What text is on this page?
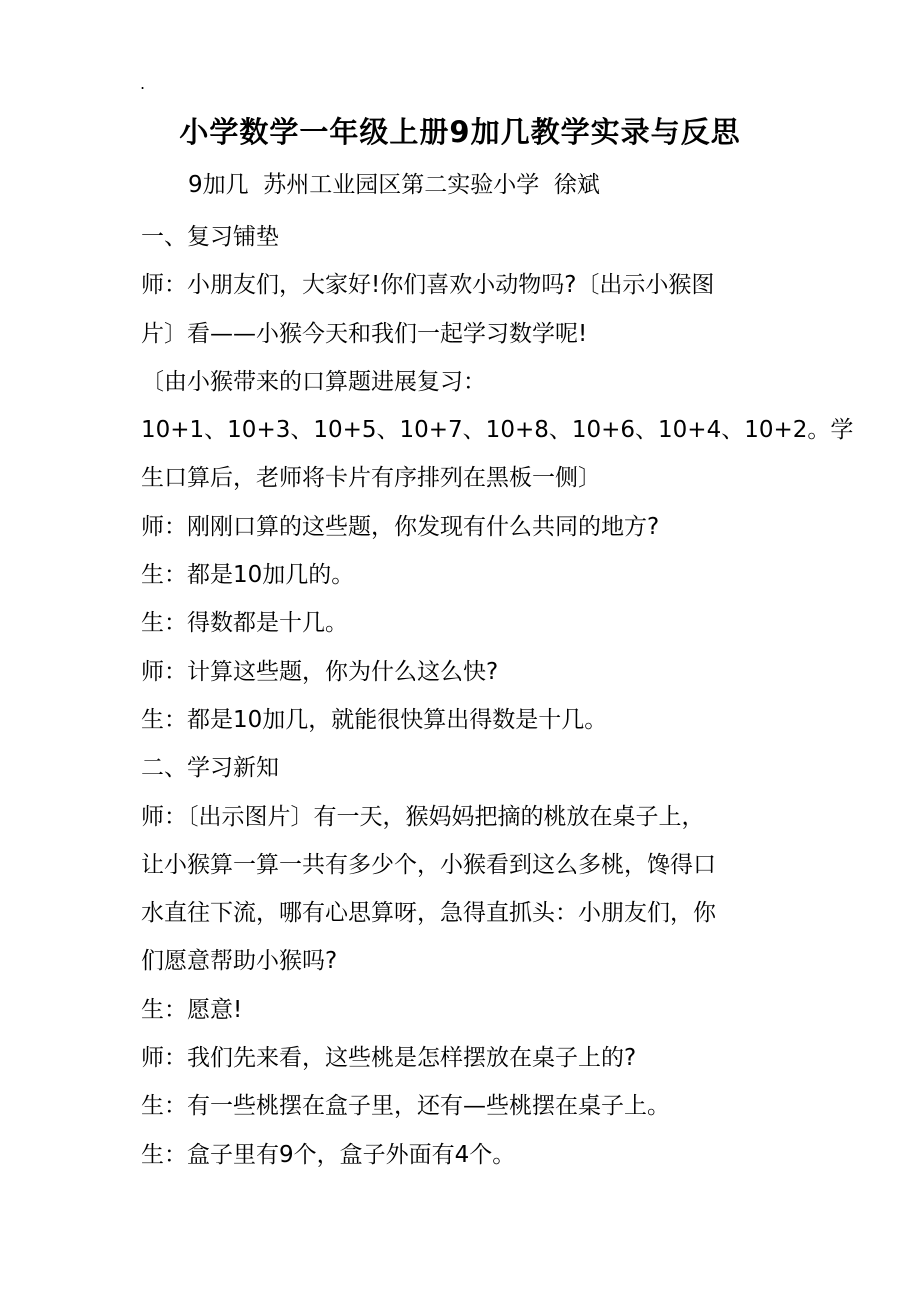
.
小学数学一年级上册9加几教学实录与反思
9加几  苏州工业园区第二实验小学  徐斌
一、复习铺垫
师：小朋友们，大家好!你们喜欢小动物吗?〔出示小猴图
片〕看——小猴今天和我们一起学习数学呢!
〔由小猴带来的口算题进展复习：
10+1、10+3、10+5、10+7、10+8、10+6、10+4、10+2。学
生口算后，老师将卡片有序排列在黑板一侧〕
师：刚刚口算的这些题，你发现有什么共同的地方?
生：都是10加几的。
生：得数都是十几。
师：计算这些题，你为什么这么快?
生：都是10加几，就能很快算出得数是十几。
二、学习新知
师：〔出示图片〕有一天，猴妈妈把摘的桃放在桌子上，
让小猴算一算一共有多少个，小猴看到这么多桃，馋得口
水直往下流，哪有心思算呀，急得直抓头：小朋友们，你
们愿意帮助小猴吗?
生：愿意!
师：我们先来看，这些桃是怎样摆放在桌子上的?
生：有一些桃摆在盒子里，还有—些桃摆在桌子上。
生：盒子里有9个，盒子外面有4个。
